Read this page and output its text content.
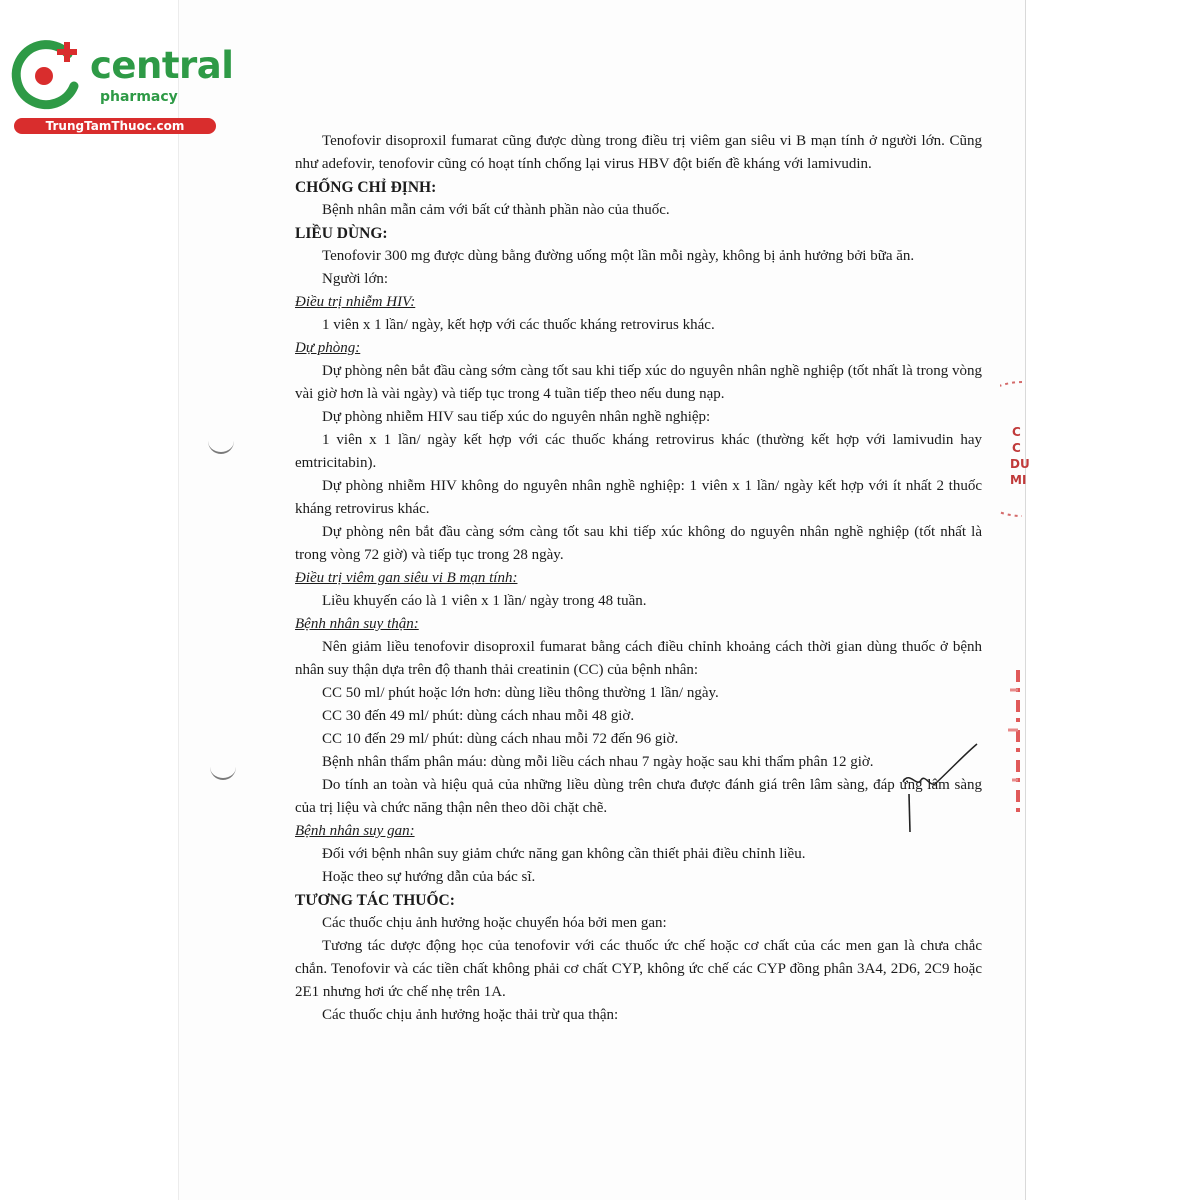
central
pharmacy
TrungTamThuoc.com
C
C
DU
MI

Tenofovir disoproxil fumarat cũng được dùng trong điều trị viêm gan siêu vi B mạn tính ở người lớn. Cũng như adefovir, tenofovir cũng có hoạt tính chống lại virus HBV đột biến đề kháng với lamivudin.

CHỐNG CHỈ ĐỊNH:

Bệnh nhân mẫn cảm với bất cứ thành phần nào của thuốc.

LIỀU DÙNG:

Tenofovir 300 mg được dùng bằng đường uống một lần mỗi ngày, không bị ảnh hưởng bởi bữa ăn.

Người lớn:

Điều trị nhiễm HIV:

1 viên x 1 lần/ ngày, kết hợp với các thuốc kháng retrovirus khác.

Dự phòng:

Dự phòng nên bắt đầu càng sớm càng tốt sau khi tiếp xúc do nguyên nhân nghề nghiệp (tốt nhất là trong vòng vài giờ hơn là vài ngày) và tiếp tục trong 4 tuần tiếp theo nếu dung nạp.

Dự phòng nhiễm HIV sau tiếp xúc do nguyên nhân nghề nghiệp:

1 viên x 1 lần/ ngày kết hợp với các thuốc kháng retrovirus khác (thường kết hợp với lamivudin hay emtricitabin).

Dự phòng nhiễm HIV không do nguyên nhân nghề nghiệp: 1 viên x 1 lần/ ngày kết hợp với ít nhất 2 thuốc kháng retrovirus khác.

Dự phòng nên bắt đầu càng sớm càng tốt sau khi tiếp xúc không do nguyên nhân nghề nghiệp (tốt nhất là trong vòng 72 giờ) và tiếp tục trong 28 ngày.

Điều trị viêm gan siêu vi B mạn tính:

Liều khuyến cáo là 1 viên x 1 lần/ ngày trong 48 tuần.

Bệnh nhân suy thận:

Nên giảm liều tenofovir disoproxil fumarat bằng cách điều chỉnh khoảng cách thời gian dùng thuốc ở bệnh nhân suy thận dựa trên độ thanh thải creatinin (CC) của bệnh nhân:

CC 50 ml/ phút hoặc lớn hơn: dùng liều thông thường 1 lần/ ngày.

CC 30 đến 49 ml/ phút: dùng cách nhau mỗi 48 giờ.

CC 10 đến 29 ml/ phút: dùng cách nhau mỗi 72 đến 96 giờ.

Bệnh nhân thẩm phân máu: dùng mỗi liều cách nhau 7 ngày hoặc sau khi thẩm phân 12 giờ.

Do tính an toàn và hiệu quả của những liều dùng trên chưa được đánh giá trên lâm sàng, đáp ứng lâm sàng của trị liệu và chức năng thận nên theo dõi chặt chẽ.

Bệnh nhân suy gan:

Đối với bệnh nhân suy giảm chức năng gan không cần thiết phải điều chỉnh liều.

Hoặc theo sự hướng dẫn của bác sĩ.

TƯƠNG TÁC THUỐC:

Các thuốc chịu ảnh hưởng hoặc chuyển hóa bởi men gan:

Tương tác dược động học của tenofovir với các thuốc ức chế hoặc cơ chất của các men gan là chưa chắc chắn. Tenofovir và các tiền chất không phải cơ chất CYP, không ức chế các CYP đồng phân 3A4, 2D6, 2C9 hoặc 2E1 nhưng hơi ức chế nhẹ trên 1A.

Các thuốc chịu ảnh hưởng hoặc thải trừ qua thận:
